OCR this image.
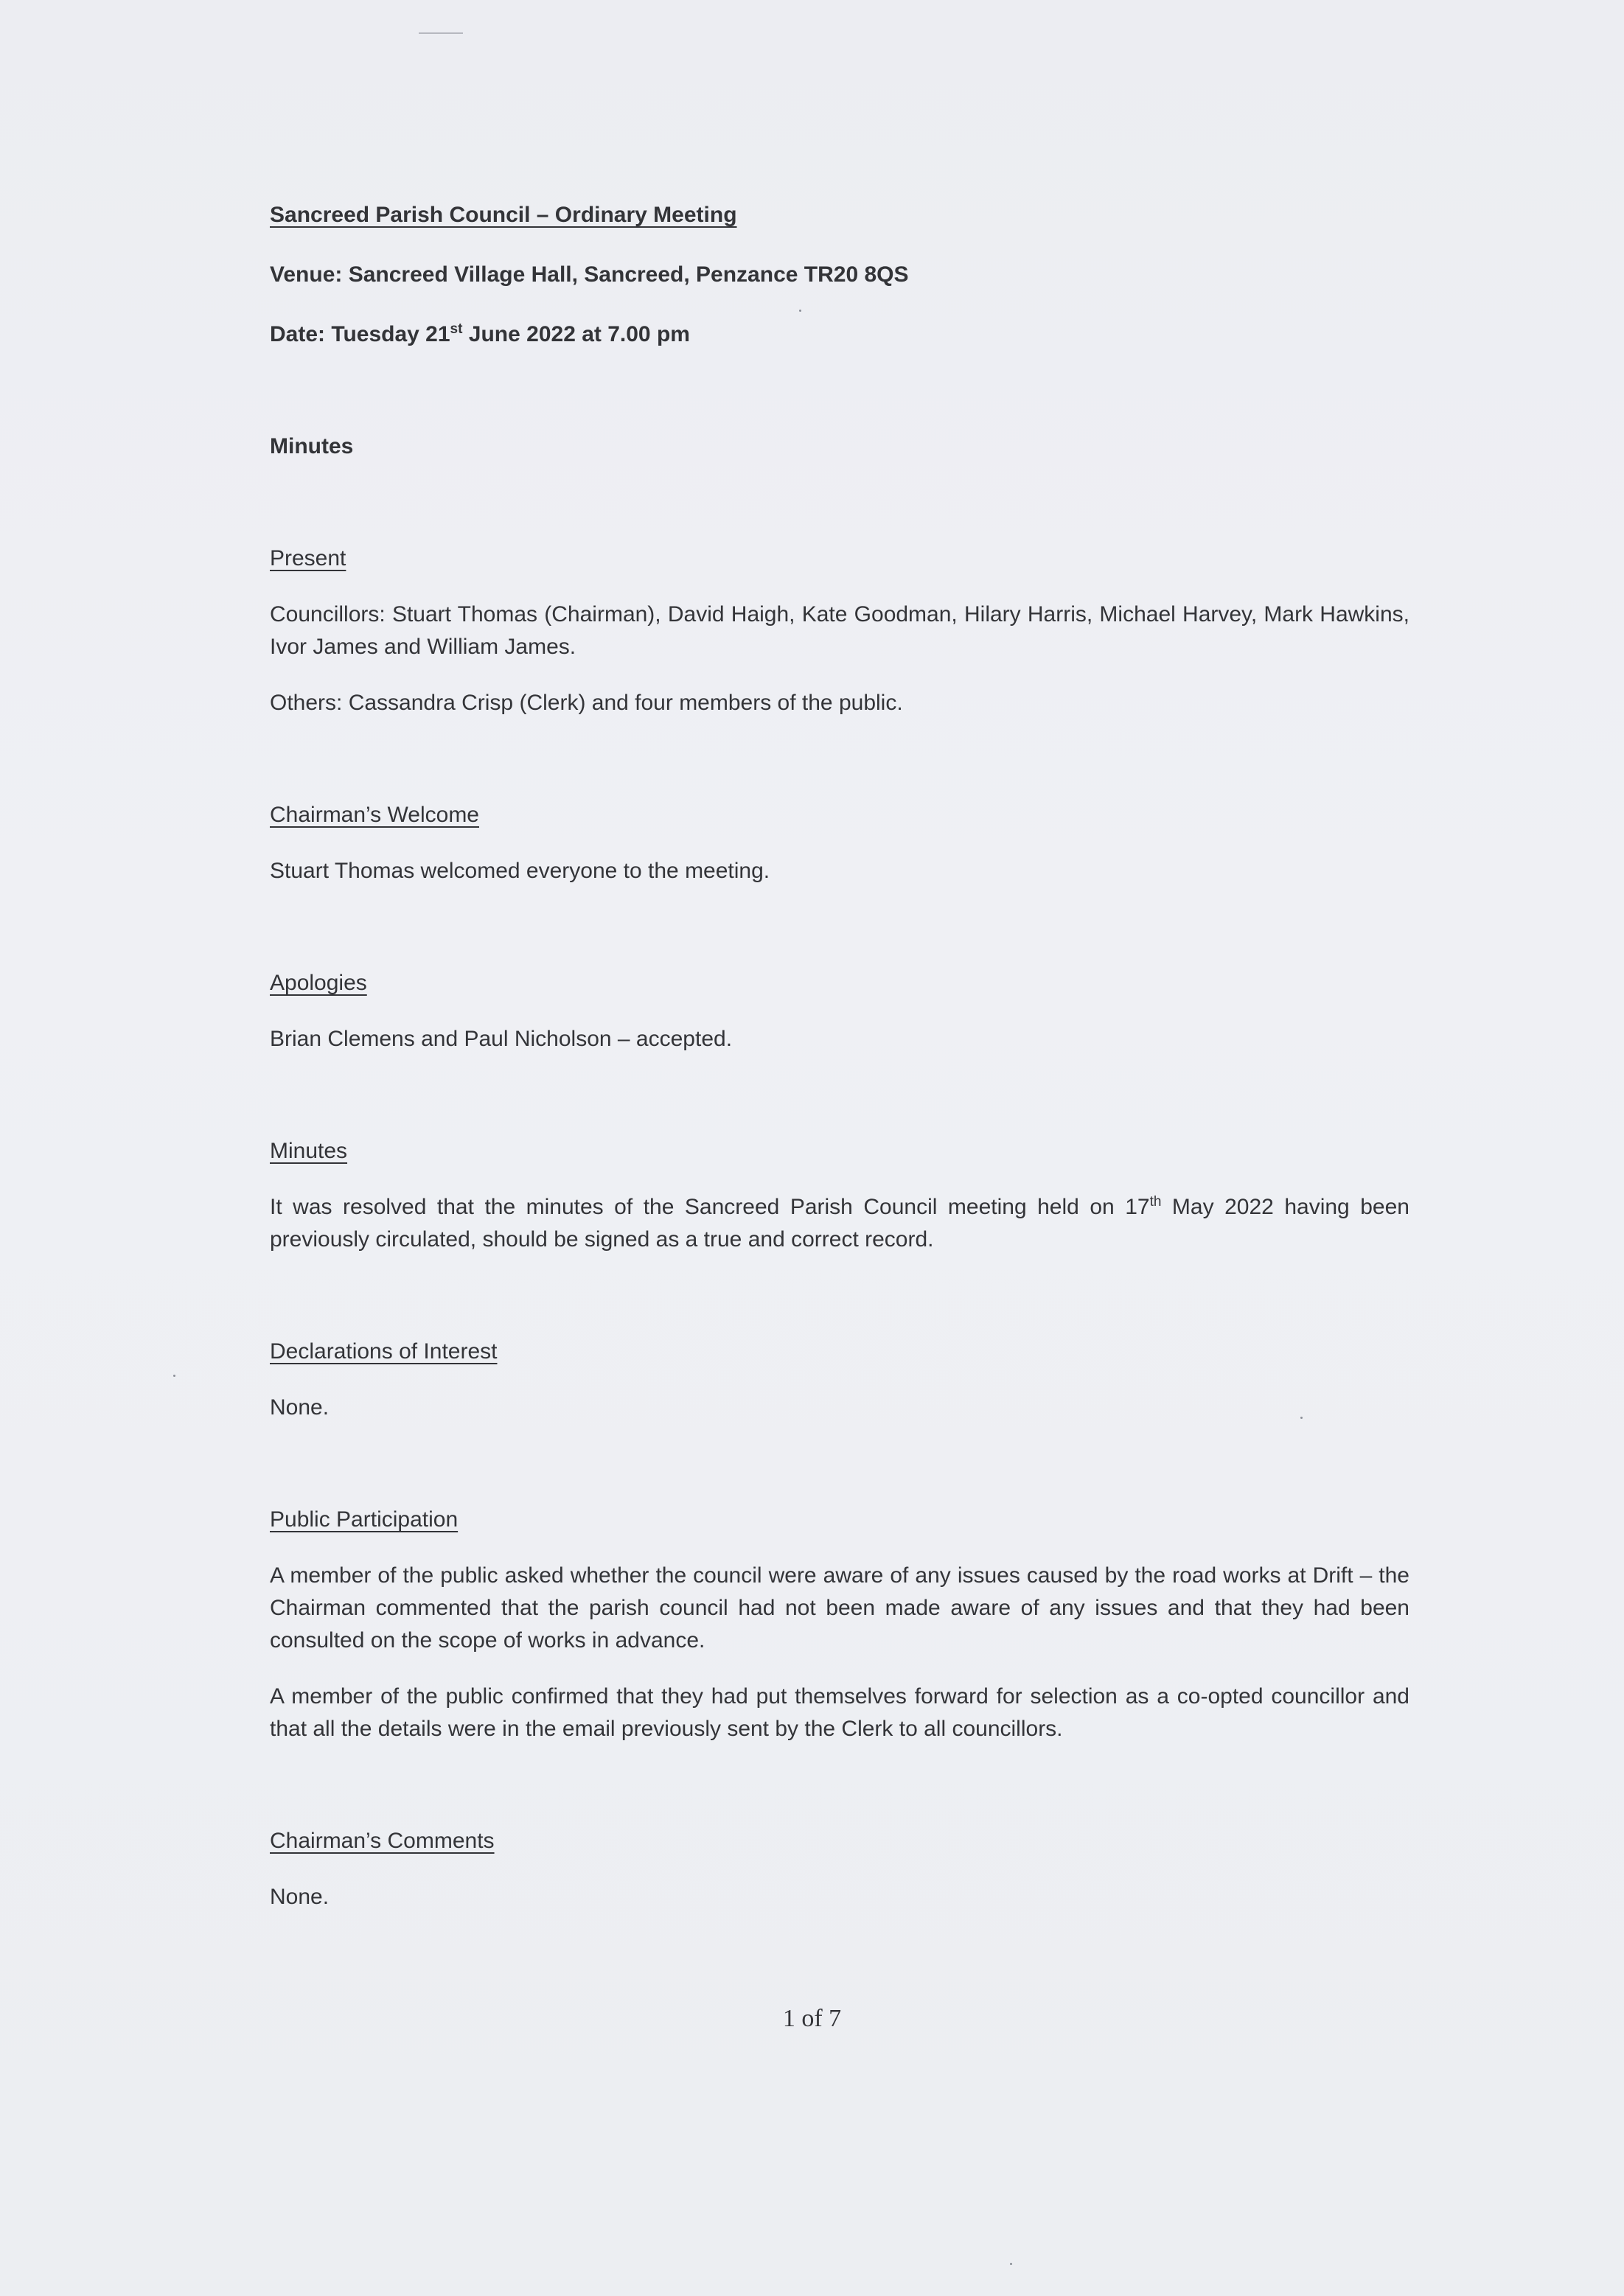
Sancreed Parish Council – Ordinary Meeting

Venue: Sancreed Village Hall, Sancreed, Penzance TR20 8QS

Date: Tuesday 21st June 2022 at 7.00 pm

Minutes

Present

Councillors: Stuart Thomas (Chairman), David Haigh, Kate Goodman, Hilary Harris, Michael Harvey, Mark Hawkins, Ivor James and William James.

Others: Cassandra Crisp (Clerk) and four members of the public.

Chairman’s Welcome

Stuart Thomas welcomed everyone to the meeting.

Apologies

Brian Clemens and Paul Nicholson – accepted.

Minutes

It was resolved that the minutes of the Sancreed Parish Council meeting held on 17th May 2022 having been previously circulated, should be signed as a true and correct record.

Declarations of Interest

None.

Public Participation

A member of the public asked whether the council were aware of any issues caused by the road works at Drift – the Chairman commented that the parish council had not been made aware of any issues and that they had been consulted on the scope of works in advance.

A member of the public confirmed that they had put themselves forward for selection as a co-opted councillor and that all the details were in the email previously sent by the Clerk to all councillors.

Chairman’s Comments

None.

1 of 7
